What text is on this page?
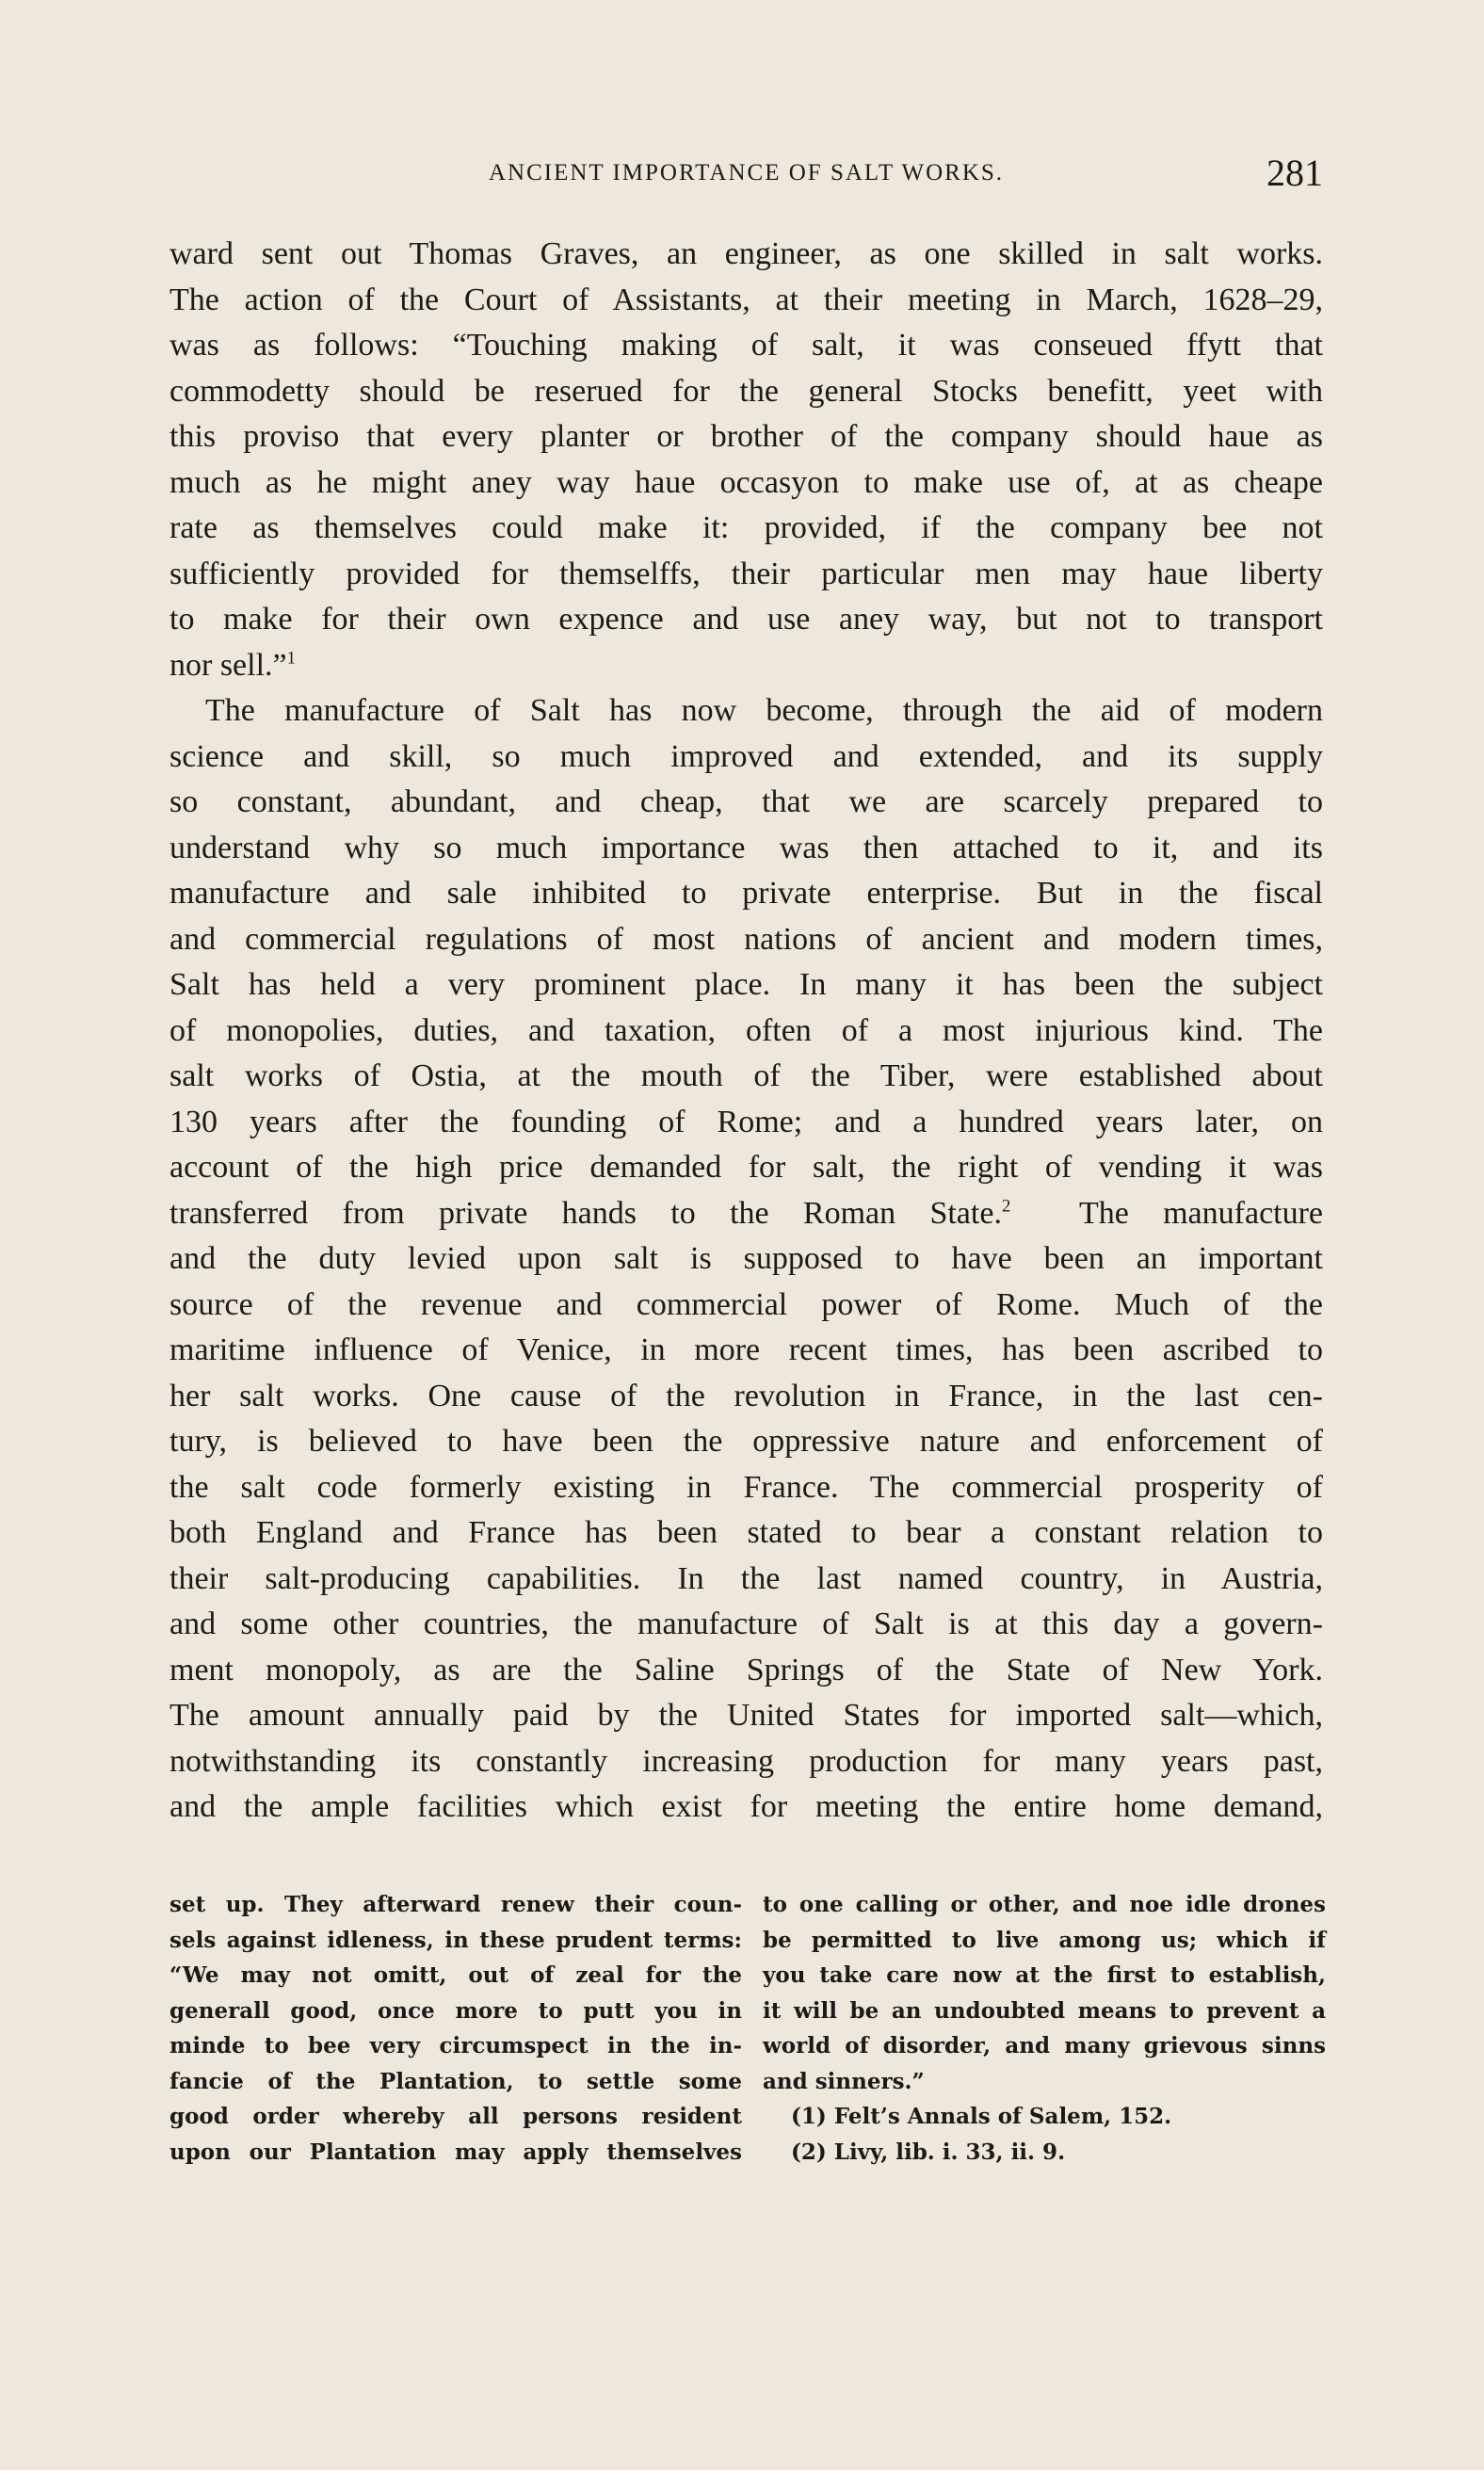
ANCIENT IMPORTANCE OF SALT WORKS.	281
ward sent out Thomas Graves, an engineer, as one skilled in salt works.
The action of the Court of Assistants, at their meeting in March, 1628–29,
was as follows: “Touching making of salt, it was conseued ffytt that
commodetty should be reserued for the general Stocks benefitt, yeet with
this proviso that every planter or brother of the company should haue as
much as he might aney way haue occasyon to make use of, at as cheape
rate as themselves could make it: provided, if the company bee not
sufficiently provided for themselffs, their particular men may haue liberty
to make for their own expence and use aney way, but not to transport
nor sell.”$^1$
The manufacture of Salt has now become, through the aid of modern
science and skill, so much improved and extended, and its supply
so constant, abundant, and cheap, that we are scarcely prepared to
understand why so much importance was then attached to it, and its
manufacture and sale inhibited to private enterprise. But in the fiscal
and commercial regulations of most nations of ancient and modern times,
Salt has held a very prominent place. In many it has been the subject
of monopolies, duties, and taxation, often of a most injurious kind. The
salt works of Ostia, at the mouth of the Tiber, were established about
130 years after the founding of Rome; and a hundred years later, on
account of the high price demanded for salt, the right of vending it was
transferred from private hands to the Roman State.$^2$ The manufacture
and the duty levied upon salt is supposed to have been an important
source of the revenue and commercial power of Rome. Much of the
maritime influence of Venice, in more recent times, has been ascribed to
her salt works. One cause of the revolution in France, in the last cen-
tury, is believed to have been the oppressive nature and enforcement of
the salt code formerly existing in France. The commercial prosperity of
both England and France has been stated to bear a constant relation to
their salt-producing capabilities. In the last named country, in Austria,
and some other countries, the manufacture of Salt is at this day a govern-
ment monopoly, as are the Saline Springs of the State of New York.
The amount annually paid by the United States for imported salt—which,
notwithstanding its constantly increasing production for many years past,
and the ample facilities which exist for meeting the entire home demand,
set up. They afterward renew their coun-
sels against idleness, in these prudent terms:
“We may not omitt, out of zeal for the
generall good, once more to putt you in
minde to bee very circumspect in the in-
fancie of the Plantation, to settle some
good order whereby all persons resident
upon our Plantation may apply themselves
to one calling or other, and noe idle drones
be permitted to live among us; which if
you take care now at the first to establish,
it will be an undoubted means to prevent a
world of disorder, and many grievous sinns
and sinners.”
(1) Felt’s Annals of Salem, 152.
(2) Livy, lib. i. 33, ii. 9.
